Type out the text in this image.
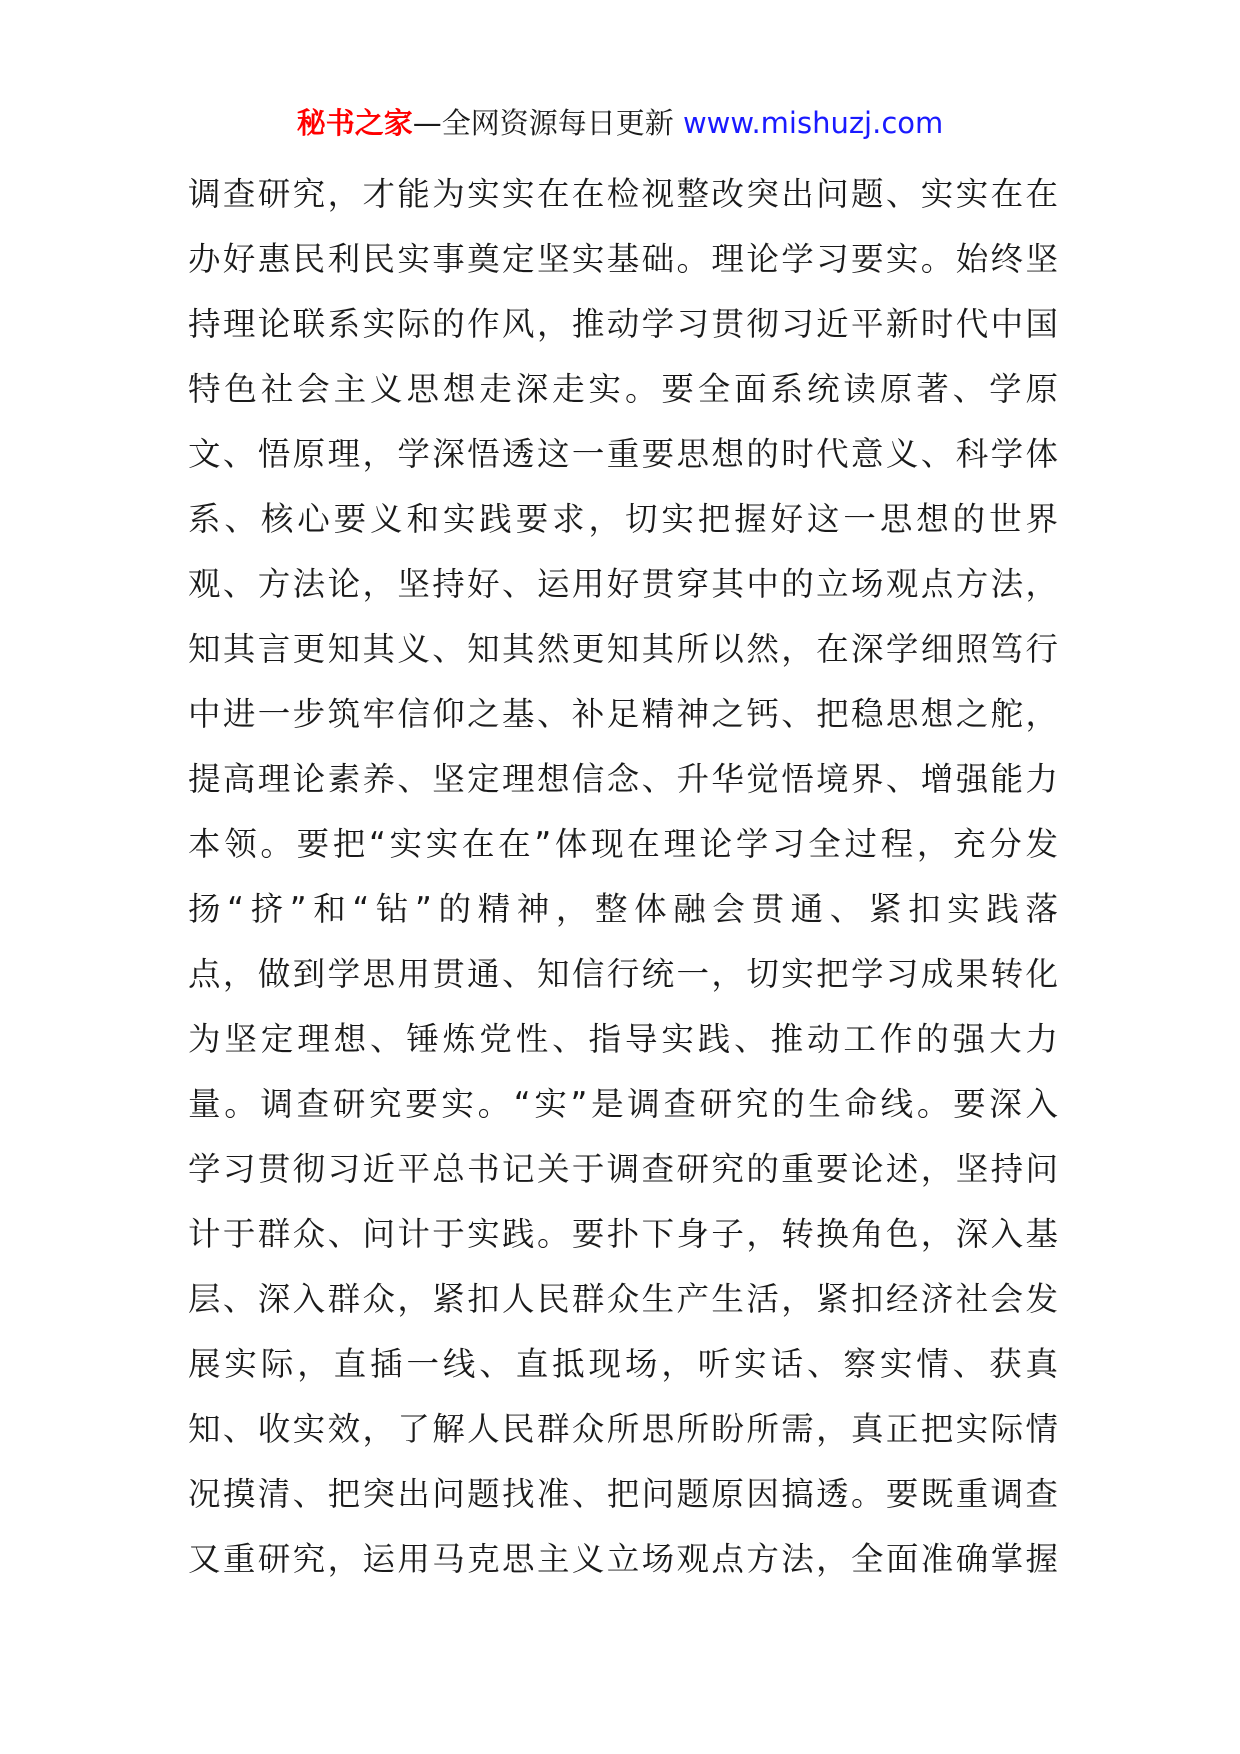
秘书之家—全网资源每日更新 www.mishuzj.com
调查研究，才能为实实在在检视整改突出问题、实实在在
办好惠民利民实事奠定坚实基础。理论学习要实。始终坚
持理论联系实际的作风，推动学习贯彻习近平新时代中国
特色社会主义思想走深走实。要全面系统读原著、学原
文、悟原理，学深悟透这一重要思想的时代意义、科学体
系、核心要义和实践要求，切实把握好这一思想的世界
观、方法论，坚持好、运用好贯穿其中的立场观点方法，
知其言更知其义、知其然更知其所以然，在深学细照笃行
中进一步筑牢信仰之基、补足精神之钙、把稳思想之舵，
提高理论素养、坚定理想信念、升华觉悟境界、增强能力
本领。要把“实实在在”体现在理论学习全过程，充分发
扬“挤”和“钻”的精神，整体融会贯通、紧扣实践落
点，做到学思用贯通、知信行统一，切实把学习成果转化
为坚定理想、锤炼党性、指导实践、推动工作的强大力
量。调查研究要实。“实”是调查研究的生命线。要深入
学习贯彻习近平总书记关于调查研究的重要论述，坚持问
计于群众、问计于实践。要扑下身子，转换角色，深入基
层、深入群众，紧扣人民群众生产生活，紧扣经济社会发
展实际，直插一线、直抵现场，听实话、察实情、获真
知、收实效，了解人民群众所思所盼所需，真正把实际情
况摸清、把突出问题找准、把问题原因搞透。要既重调查
又重研究，运用马克思主义立场观点方法，全面准确掌握
